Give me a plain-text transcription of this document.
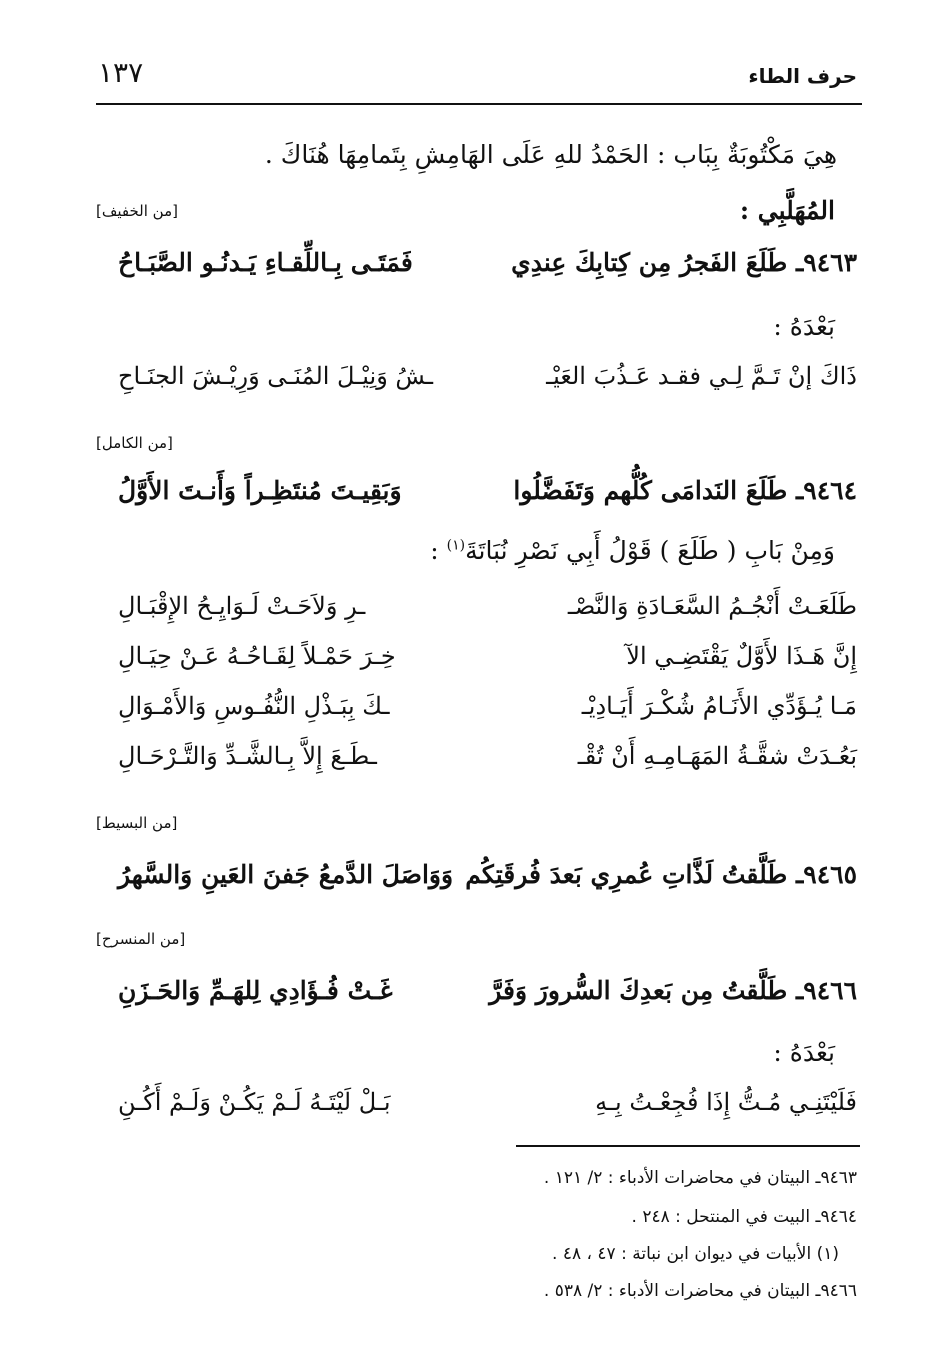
حرف الطاء
١٣٧
هِيَ مَكْتُوبَةٌ بِبَاب : الحَمْدُ للهِ عَلَى الهَامِشِ بِتَمامِهَا هُنَاكَ .
المُهَلَّبِي :
[من الخفيف]
٩٤٦٣ـ طَلَعَ الفَجرُ مِن كِتابِكَ عِندِي
فَمَتَـى بِـاللِّقـاءِ يَـدنُـو الصَّبَـاحُ
بَعْدَهُ :
ذَاكَ إنْ تَـمَّ لِـي فقـد عَـذُبَ العَيْـ
ـشُ وَنِيْـلَ المُنَـى وَرِيْـشَ الجنَـاحِ
[من الكامل]
٩٤٦٤ـ طَلَعَ النَدامَى كُلُّهم وَتَفَضَّلُوا
وَبَقِيـتَ مُنتَظِـراً وَأَنـتَ الأَوَّلُ
وَمِنْ بَابِ ( طَلَعَ ) قَوْلُ أَبِي نَصْرِ نُبَاتَةَ$^{(١)}$ :
طَلَعَـتْ أَنْجُـمُ السَّعَـادَةِ وَالنَّصْـ
ـرِ وَلاَحَـتْ لَـوَايِـحُ الإِقْبَـالِ
إِنَّ هَـذَا لأَوَّلٌ يَقْتَضِـي الآ
خِـرَ حَمْـلاً لِقَـاحُـهُ عَـنْ حِيَـالِ
مَـا يُـؤَدِّي الأَنَـامُ شُكْـرَ أَيَـادِيْـ
ـكَ بِبَـذْلِ النُّفُـوسِ وَالأَمْـوَالِ
بَعُـدَتْ شقَّـةُ المَهَـامِـهِ أَنْ تُقْـ
ـطَـعَ إِلاَّ بِـالشَّـدِّ وَالتَّـرْحَـالِ
[من البسيط]
٩٤٦٥ـ طَلَّقتُ لَذَّاتِ عُمرِي بَعدَ فُرقَتِكُم
وَوَاصَلَ الدَّمعُ جَفنَ العَينِ وَالسَّهرُ
[من المنسرح]
٩٤٦٦ـ طَلَّقتُ مِن بَعدِكَ السُّرورَ وَفَرَّ
غَـتْ فُـؤَادِي لِلهَـمِّ وَالحَـزَنِ
بَعْدَهُ :
فَلَيْتَنِـي مُـتُّ إِذَا فُجِعْـتُ بِـهِ
بَـلْ لَيْتَـهُ لَـمْ يَكُـنْ وَلَـمْ أَكُـنِ
٩٤٦٣ـ البيتان في محاضرات الأدباء : ٢/ ١٢١ .
٩٤٦٤ـ البيت في المنتحل : ٢٤٨ .
(١) الأبيات في ديوان ابن نباتة : ٤٧ ، ٤٨ .
٩٤٦٦ـ البيتان في محاضرات الأدباء : ٢/ ٥٣٨ .
